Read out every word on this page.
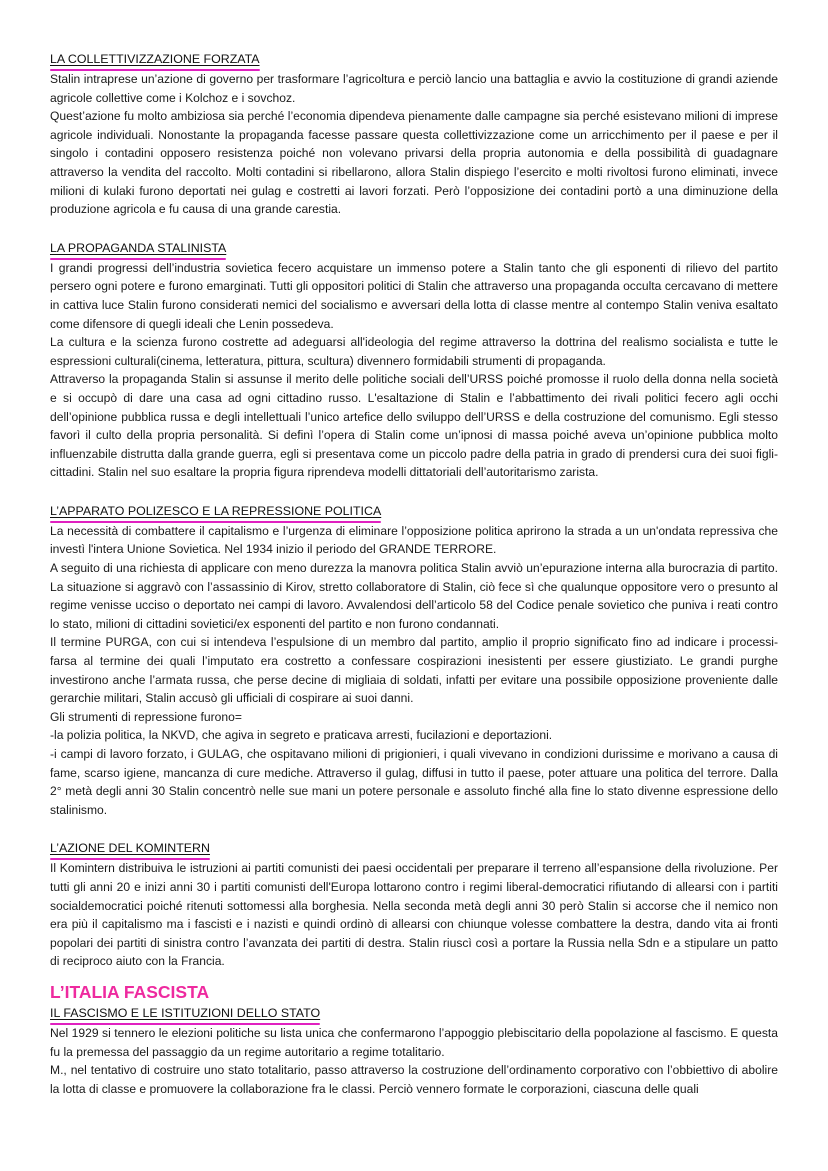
LA COLLETTIVIZZAZIONE FORZATA

Stalin intraprese un’azione di governo per trasformare l’agricoltura e perciò lancio una battaglia e avvio la costituzione di grandi aziende agricole collettive come i Kolchoz e i sovchoz.

Quest’azione fu molto ambiziosa sia perché l’economia dipendeva pienamente dalle campagne sia perché esistevano milioni di imprese agricole individuali. Nonostante la propaganda facesse passare questa collettivizzazione come un arricchimento per il paese e per il singolo i contadini opposero resistenza poiché non volevano privarsi della propria autonomia e della possibilità di guadagnare attraverso la vendita del raccolto. Molti contadini si ribellarono, allora Stalin dispiego l’esercito e molti rivoltosi furono eliminati, invece milioni di kulaki furono deportati nei gulag e costretti ai lavori forzati. Però l’opposizione dei contadini portò a una diminuzione della produzione agricola e fu causa di una grande carestia.

LA PROPAGANDA STALINISTA

I grandi progressi dell’industria sovietica fecero acquistare un immenso potere a Stalin tanto che gli esponenti di rilievo del partito persero ogni potere e furono emarginati. Tutti gli oppositori politici di Stalin che attraverso una propaganda occulta cercavano di mettere in cattiva luce Stalin furono considerati nemici del socialismo e avversari della lotta di classe mentre al contempo Stalin veniva esaltato come difensore di quegli ideali che Lenin possedeva.

La cultura e la scienza furono costrette ad adeguarsi all'ideologia del regime attraverso la dottrina del realismo socialista e tutte le espressioni culturali(cinema, letteratura, pittura, scultura) divennero formidabili strumenti di propaganda.

Attraverso la propaganda Stalin si assunse il merito delle politiche sociali dell’URSS poiché promosse il ruolo della donna nella società e si occupò di dare una casa ad ogni cittadino russo. L'esaltazione di Stalin e l’abbattimento dei rivali politici fecero agli occhi dell’opinione pubblica russa e degli intellettuali l’unico artefice dello sviluppo dell’URSS e della costruzione del comunismo. Egli stesso favorì il culto della propria personalità. Si definì l’opera di Stalin come un’ipnosi di massa poiché aveva un’opinione pubblica molto influenzabile distrutta dalla grande guerra, egli si presentava come un piccolo padre della patria in grado di prendersi cura dei suoi figli-cittadini. Stalin nel suo esaltare la propria figura riprendeva modelli dittatoriali dell’autoritarismo zarista.

L’APPARATO POLIZESCO E LA REPRESSIONE POLITICA

La necessità di combattere il capitalismo e l’urgenza di eliminare l’opposizione politica aprirono la strada a un un'ondata repressiva che investì l'intera Unione Sovietica. Nel 1934 inizio il periodo del GRANDE TERRORE.

A seguito di una richiesta di applicare con meno durezza la manovra politica Stalin avviò un’epurazione interna alla burocrazia di partito. La situazione si aggravò con l’assassinio di Kirov, stretto collaboratore di Stalin, ciò fece sì che qualunque oppositore vero o presunto al regime venisse ucciso o deportato nei campi di lavoro. Avvalendosi dell’articolo 58 del Codice penale sovietico che puniva i reati contro lo stato, milioni di cittadini sovietici/ex esponenti del partito e non furono condannati.

Il termine PURGA, con cui si intendeva l’espulsione di un membro dal partito, amplio il proprio significato fino ad indicare i processi-farsa al termine dei quali l’imputato era costretto a confessare cospirazioni inesistenti per essere giustiziato. Le grandi purghe investirono anche l’armata russa, che perse decine di migliaia di soldati, infatti per evitare una possibile opposizione proveniente dalle gerarchie militari, Stalin accusò gli ufficiali di cospirare ai suoi danni.

Gli strumenti di repressione furono=

-la polizia politica, la NKVD, che agiva in segreto e praticava arresti, fucilazioni e deportazioni.

-i campi di lavoro forzato, i GULAG, che ospitavano milioni di prigionieri, i quali vivevano in condizioni durissime e morivano a causa di fame, scarso igiene, mancanza di cure mediche. Attraverso il gulag, diffusi in tutto il paese, poter attuare una politica del terrore. Dalla 2° metà degli anni 30 Stalin concentrò nelle sue mani un potere personale e assoluto finché alla fine lo stato divenne espressione dello stalinismo.

L’AZIONE DEL KOMINTERN

Il Komintern distribuiva le istruzioni ai partiti comunisti dei paesi occidentali per preparare il terreno all’espansione della rivoluzione. Per tutti gli anni 20 e inizi anni 30 i partiti comunisti dell'Europa lottarono contro i regimi liberal-democratici rifiutando di allearsi con i partiti socialdemocratici poiché ritenuti sottomessi alla borghesia. Nella seconda metà degli anni 30 però Stalin si accorse che il nemico non era più il capitalismo ma i fascisti e i nazisti e quindi ordinò di allearsi con chiunque volesse combattere la destra, dando vita ai fronti popolari dei partiti di sinistra contro l’avanzata dei partiti di destra. Stalin riuscì così a portare la Russia nella Sdn e a stipulare un patto di reciproco aiuto con la Francia.

L’ITALIA FASCISTA
IL FASCISMO E LE ISTITUZIONI DELLO STATO

Nel 1929 si tennero le elezioni politiche su lista unica che confermarono l’appoggio plebiscitario della popolazione al fascismo. E questa fu la premessa del passaggio da un regime autoritario a regime totalitario.

M., nel tentativo di costruire uno stato totalitario, passo attraverso la costruzione dell’ordinamento corporativo con l’obbiettivo di abolire la lotta di classe e promuovere la collaborazione fra le classi. Perciò vennero formate le corporazioni, ciascuna delle quali
